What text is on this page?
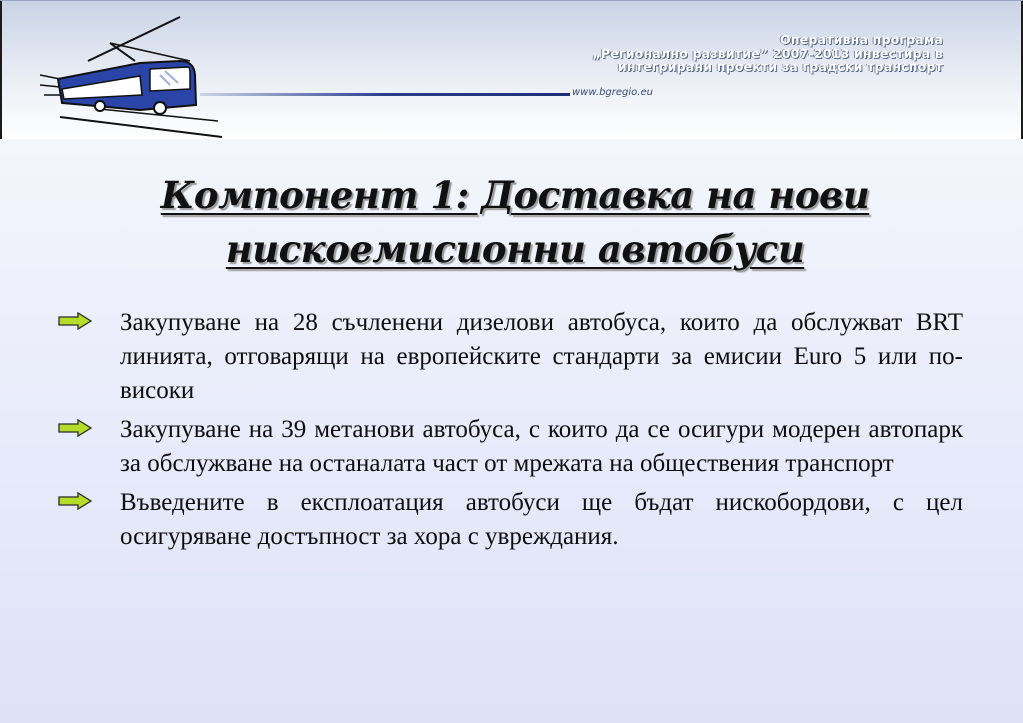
Оперативна програма
„Регионално развитие” 2007-2013 инвестира в
интегрирани проекти за градски транспорт
www.bgregio.eu
Компонент 1: Доставка на нови
нискоемисионни автобуси
Закупуване на 28 съчленени дизелови автобуса, които да обслужват BRT линията, отговарящи на европейските стандарти за емисии Euro 5 или по-високи
Закупуване на 39 метанови автобуса, с които да се осигури модерен автопарк за обслужване на останалата част от мрежата на обществения транспорт
Въведените в експлоатация автобуси ще бъдат нискобордови, с цел осигуряване достъпност за хора с увреждания.
